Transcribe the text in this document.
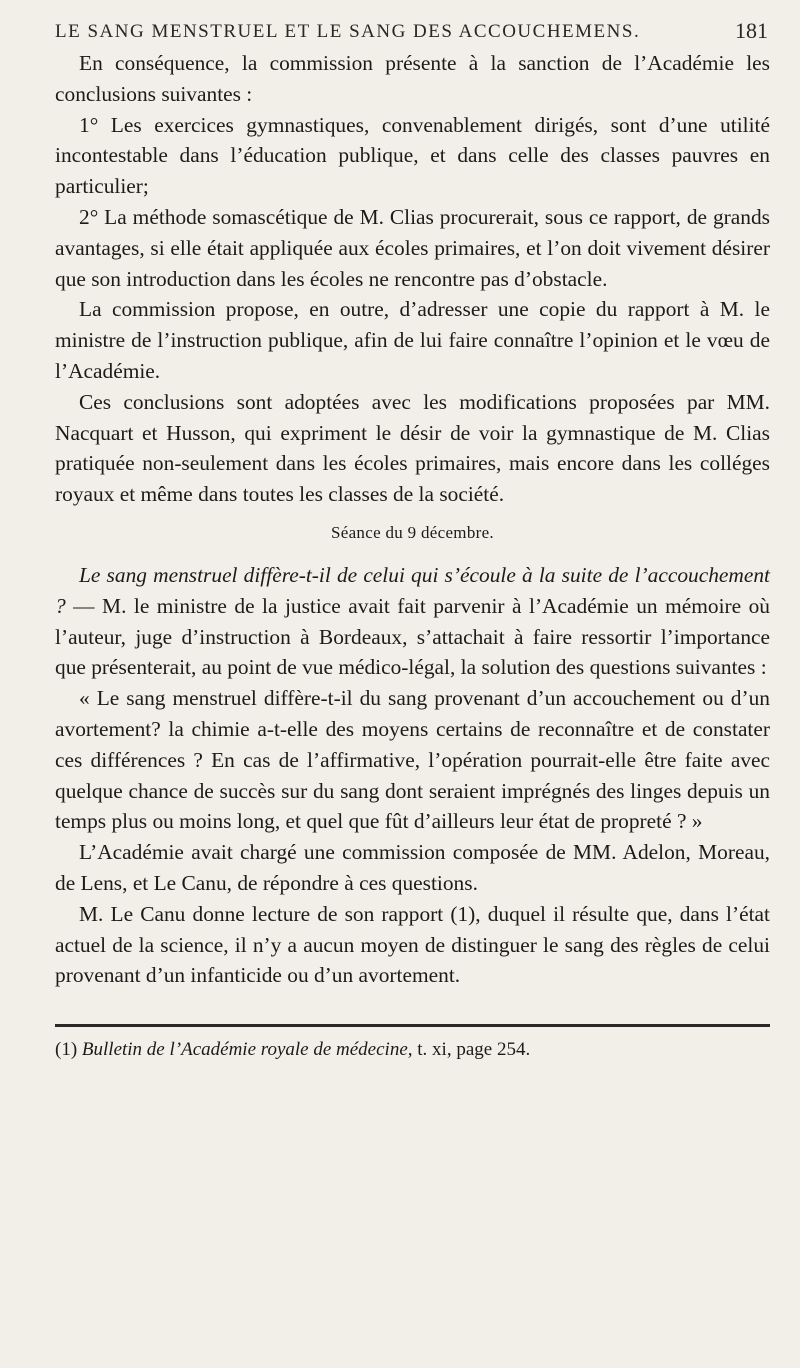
LE SANG MENSTRUEL ET LE SANG DES ACCOUCHEMENS.	181

En conséquence, la commission présente à la sanction de l’Académie les conclusions suivantes :

1° Les exercices gymnastiques, convenablement dirigés, sont d’une utilité incontestable dans l’éducation publique, et dans celle des classes pauvres en particulier;

2° La méthode somascétique de M. Clias procurerait, sous ce rapport, de grands avantages, si elle était appliquée aux écoles primaires, et l’on doit vivement désirer que son introduction dans les écoles ne rencontre pas d’obstacle.

La commission propose, en outre, d’adresser une copie du rapport à M. le ministre de l’instruction publique, afin de lui faire connaître l’opinion et le vœu de l’Académie.

Ces conclusions sont adoptées avec les modifications proposées par MM. Nacquart et Husson, qui expriment le désir de voir la gymnastique de M. Clias pratiquée non-seulement dans les écoles primaires, mais encore dans les colléges royaux et même dans toutes les classes de la société.

Séance du 9 décembre.

Le sang menstruel diffère-t-il de celui qui s’écoule à la suite de l’accouchement ? — M. le ministre de la justice avait fait parvenir à l’Académie un mémoire où l’auteur, juge d’instruction à Bordeaux, s’attachait à faire ressortir l’importance que présenterait, au point de vue médico-légal, la solution des questions suivantes :

« Le sang menstruel diffère-t-il du sang provenant d’un accouchement ou d’un avortement? la chimie a-t-elle des moyens certains de reconnaître et de constater ces différences ? En cas de l’affirmative, l’opération pourrait-elle être faite avec quelque chance de succès sur du sang dont seraient imprégnés des linges depuis un temps plus ou moins long, et quel que fût d’ailleurs leur état de propreté ? »

L’Académie avait chargé une commission composée de MM. Adelon, Moreau, de Lens, et Le Canu, de répondre à ces questions.

M. Le Canu donne lecture de son rapport (1), duquel il résulte que, dans l’état actuel de la science, il n’y a aucun moyen de distinguer le sang des règles de celui provenant d’un infanticide ou d’un avortement.

(1) Bulletin de l’Académie royale de médecine, t. xi, page 254.
